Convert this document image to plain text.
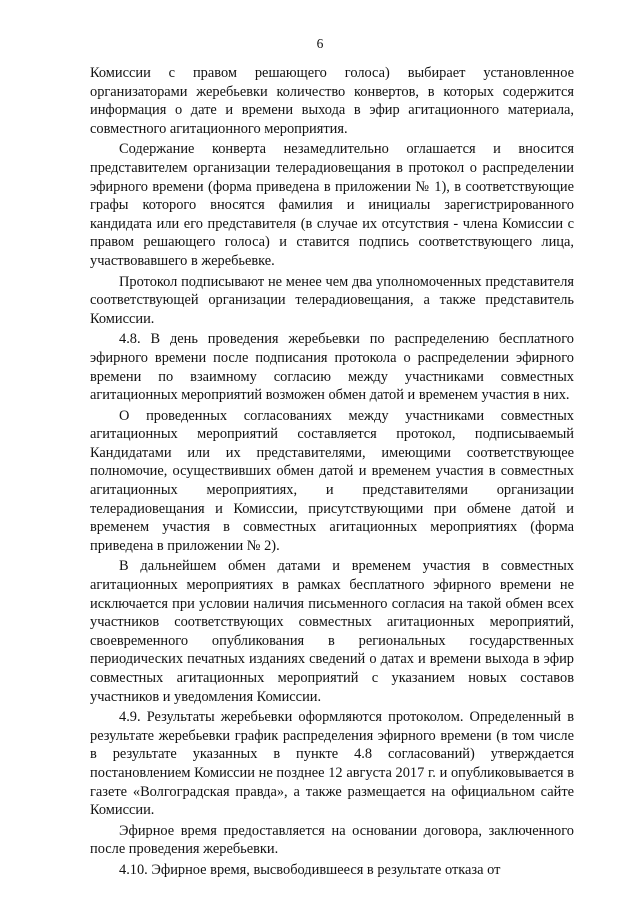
6

Комиссии с правом решающего голоса) выбирает установленное организаторами жеребьевки количество конвертов, в которых содержится информация о дате и времени выхода в эфир агитационного материала, совместного агитационного мероприятия.

Содержание конверта незамедлительно оглашается и вносится представителем организации телерадиовещания в протокол о распределении эфирного времени (форма приведена в приложении № 1), в соответствующие графы которого вносятся фамилия и инициалы зарегистрированного кандидата или его представителя (в случае их отсутствия - члена Комиссии с правом решающего голоса) и ставится подпись соответствующего лица, участвовавшего в жеребьевке.

Протокол подписывают не менее чем два уполномоченных представителя соответствующей организации телерадиовещания, а также представитель Комиссии.

4.8. В день проведения жеребьевки по распределению бесплатного эфирного времени после подписания протокола о распределении эфирного времени по взаимному согласию между участниками совместных агитационных мероприятий возможен обмен датой и временем участия в них.

О проведенных согласованиях между участниками совместных агитационных мероприятий составляется протокол, подписываемый Кандидатами или их представителями, имеющими соответствующее полномочие, осуществивших обмен датой и временем участия в совместных агитационных мероприятиях, и представителями организации телерадиовещания и Комиссии, присутствующими при обмене датой и временем участия в совместных агитационных мероприятиях (форма приведена в приложении № 2).

В дальнейшем обмен датами и временем участия в совместных агитационных мероприятиях в рамках бесплатного эфирного времени не исключается при условии наличия письменного согласия на такой обмен всех участников соответствующих совместных агитационных мероприятий, своевременного опубликования в региональных государственных периодических печатных изданиях сведений о датах и времени выхода в эфир совместных агитационных мероприятий с указанием новых составов участников и уведомления Комиссии.

4.9. Результаты жеребьевки оформляются протоколом. Определенный в результате жеребьевки график распределения эфирного времени (в том числе в результате указанных в пункте 4.8 согласований) утверждается постановлением Комиссии не позднее 12 августа 2017 г. и опубликовывается в газете «Волгоградская правда», а также размещается на официальном сайте Комиссии.

Эфирное время предоставляется на основании договора, заключенного после проведения жеребьевки.

4.10. Эфирное время, высвободившееся в результате отказа от
